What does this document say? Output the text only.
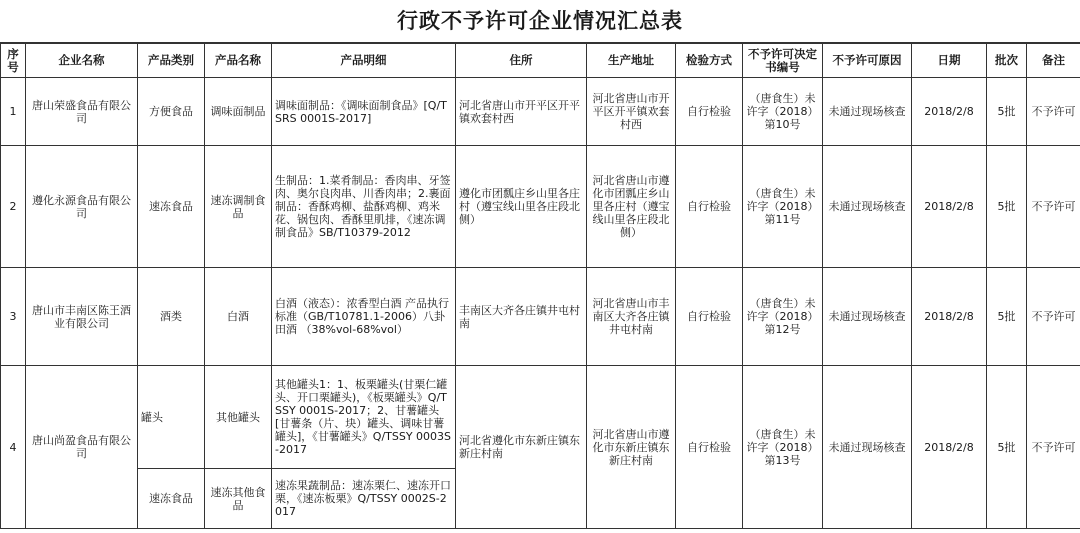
行政不予许可企业情况汇总表
序号	企业名称	产品类别	产品名称	产品明细	住所	生产地址	检验方式	不予许可决定书编号	不予许可原因	日期	批次	备注
1	唐山荣盛食品有限公司	方便食品	调味面制品	调味面制品：《调味面制食品》[Q/TSRS 0001S-2017]	河北省唐山市开平区开平镇欢套村西	河北省唐山市开平区开平镇欢套村西	自行检验	（唐食生）未许字（2018）第10号	未通过现场核查	2018/2/8	5批	不予许可
2	遵化永源食品有限公司	速冻食品	速冻调制食品	生制品：1.菜肴制品：香肉串、牙签肉、奥尔良肉串、川香肉串；2.裹面制品：香酥鸡柳、盐酥鸡柳、鸡米花、锅包肉、香酥里肌排，《速冻调制食品》SB/T10379-2012	遵化市团瓢庄乡山里各庄村（遵宝线山里各庄段北侧）	河北省唐山市遵化市团瓢庄乡山里各庄村（遵宝线山里各庄段北侧）	自行检验	（唐食生）未许字（2018）第11号	未通过现场核查	2018/2/8	5批	不予许可
3	唐山市丰南区陈王酒业有限公司	酒类	白酒	白酒（液态）：浓香型白酒 产品执行标准（GB/T10781.1-2006）八卦田酒 （38%vol-68%vol）	丰南区大齐各庄镇井屯村南	河北省唐山市丰南区大齐各庄镇井屯村南	自行检验	（唐食生）未许字（2018）第12号	未通过现场核查	2018/2/8	5批	不予许可
4	唐山尚盈食品有限公司	罐头	其他罐头	其他罐头1：1、板栗罐头(甘栗仁罐头、开口栗罐头)，《板栗罐头》Q/TSSY 0001S-2017；2、甘薯罐头[甘薯条（片、块）罐头、调味甘薯罐头]，《甘薯罐头》Q/TSSY 0003S-2017	河北省遵化市东新庄镇东新庄村南	河北省唐山市遵化市东新庄镇东新庄村南	自行检验	（唐食生）未许字（2018）第13号	未通过现场核查	2018/2/8	5批	不予许可
		速冻食品	速冻其他食品	速冻果蔬制品：速冻栗仁、速冻开口栗，《速冻板栗》Q/TSSY 0002S-2017								
